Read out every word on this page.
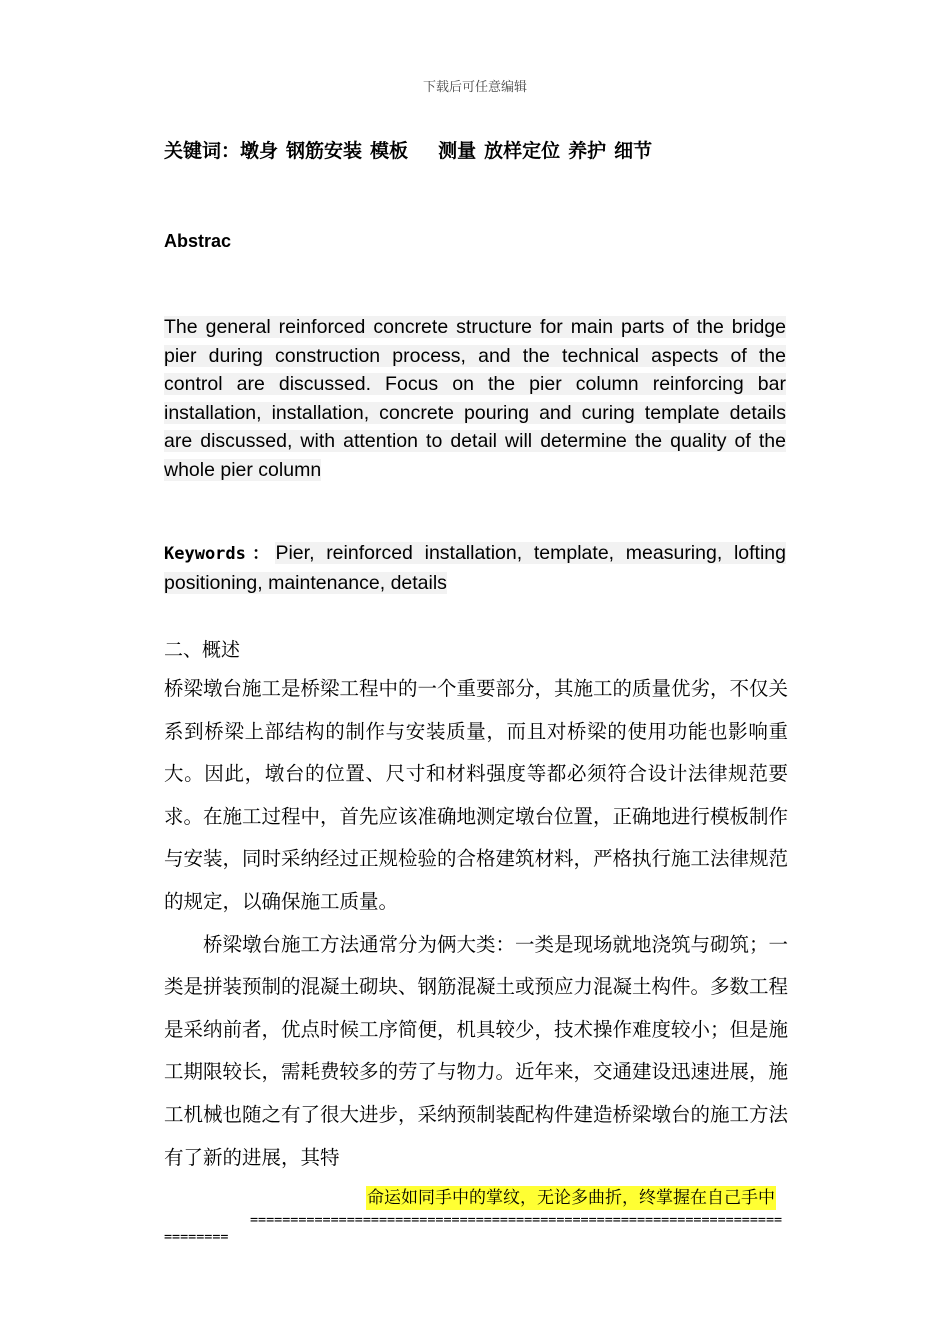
下载后可任意编辑
关键词：墩身 钢筋安装 模板 测量 放样定位 养护 细节
Abstrac
The general reinforced concrete structure for main parts of the bridge pier during construction process, and the technical aspects of the control are discussed. Focus on the pier column reinforcing bar installation, installation, concrete pouring and curing template details are discussed, with attention to detail will determine the quality of the whole pier column
Keywords：Pier, reinforced installation, template, measuring, lofting positioning, maintenance, details
二、概述

桥梁墩台施工是桥梁工程中的一个重要部分，其施工的质量优劣，不仅关系到桥梁上部结构的制作与安装质量，而且对桥梁的使用功能也影响重大。因此，墩台的位置、尺寸和材料强度等都必须符合设计法律规范要求。在施工过程中，首先应该准确地测定墩台位置，正确地进行模板制作与安装，同时采纳经过正规检验的合格建筑材料，严格执行施工法律规范的规定，以确保施工质量。

桥梁墩台施工方法通常分为俩大类：一类是现场就地浇筑与砌筑；一类是拼装预制的混凝土砌块、钢筋混凝土或预应力混凝土构件。多数工程是采纳前者，优点时候工序简便，机具较少，技术操作难度较小；但是施工期限较长，需耗费较多的劳了与物力。近年来，交通建设迅速进展，施工机械也随之有了很大进步，采纳预制装配构件建造桥梁墩台的施工方法有了新的进展，其特

命运如同手中的掌纹，无论多曲折，终掌握在自己手中
==========================================================================
